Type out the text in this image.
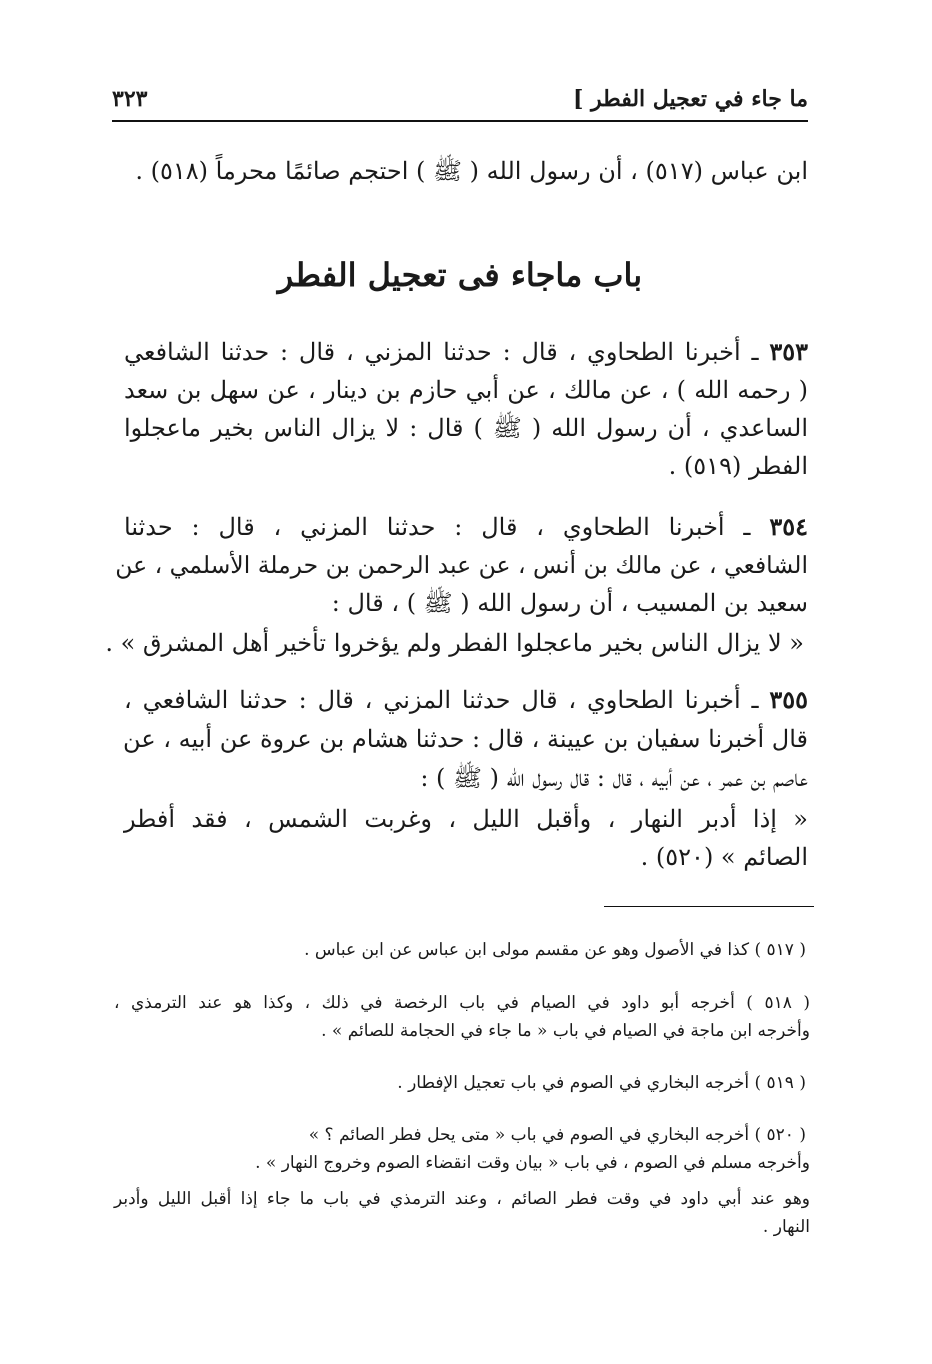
ما جاء في تعجيل الفطر ]
٣٢٣
ابن عباس (٥١٧) ، أن رسول الله ( ﷺ ) احتجم صائمًا محرماً (٥١٨) .
باب ماجاء فى تعجيل الفطر
٣٥٣ ـ أخبرنا الطحاوي ، قال : حدثنا المزني ، قال : حدثنا الشافعي
( رحمه الله ) ، عن مالك ، عن أبي حازم بن دينار ، عن سهل بن سعد
الساعدي ، أن رسول الله ( ﷺ ) قال : لا يزال الناس بخير ماعجلوا
الفطر (٥١٩) .
٣٥٤ ـ أخبرنا الطحاوي ، قال : حدثنا المزني ، قال : حدثنا
الشافعي ، عن مالك بن أنس ، عن عبد الرحمن بن حرملة الأسلمي ، عن
سعيد بن المسيب ، أن رسول الله ( ﷺ ) ، قال :
« لا يزال الناس بخير ماعجلوا الفطر ولم يؤخروا تأخير أهل المشرق » .
٣٥٥ ـ أخبرنا الطحاوي ، قال حدثنا المزني ، قال : حدثنا الشافعي ،
قال أخبرنا سفيان بن عيينة ، قال : حدثنا هشام بن عروة عن أبيه ، عن
عاصم بن عمر ، عن أبيه ، قال : قال رسول الله ( ﷺ ) :
« إذا أدبر النهار ، وأقبل الليل ، وغربت الشمس ، فقد أفطر
الصائم » (٥٢٠) .
( ٥١٧ ) كذا في الأصول وهو عن مقسم مولى ابن عباس عن ابن عباس .
( ٥١٨ ) أخرجه أبو داود في الصيام في باب الرخصة في ذلك ، وكذا هو عند الترمذي ،
وأخرجه ابن ماجة في الصيام في باب « ما جاء في الحجامة للصائم » .
( ٥١٩ ) أخرجه البخاري في الصوم في باب تعجيل الإفطار .
( ٥٢٠ ) أخرجه البخاري في الصوم في باب « متى يحل فطر الصائم ؟ »
وأخرجه مسلم في الصوم ، في باب « بيان وقت انقضاء الصوم وخروج النهار » .
وهو عند أبي داود في وقت فطر الصائم ، وعند الترمذي في باب ما جاء إذا أقبل الليل وأدبر
النهار .
